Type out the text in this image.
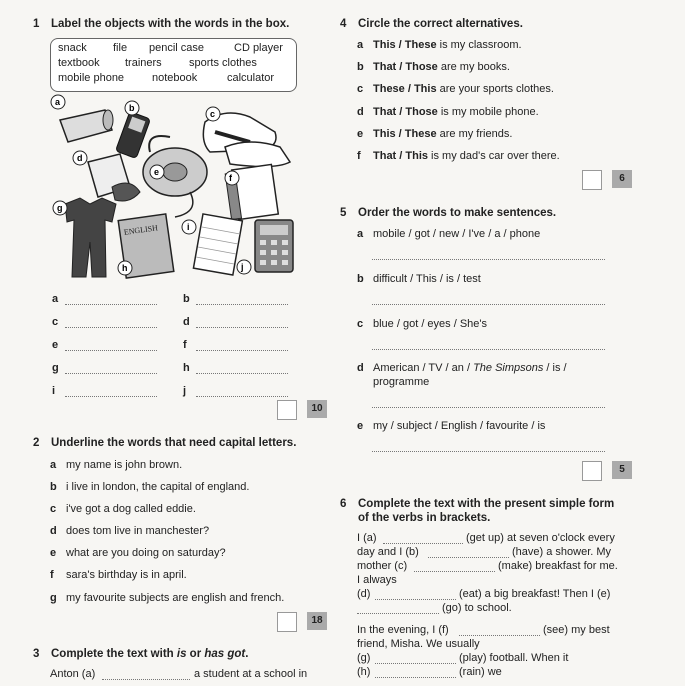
1 Label the objects with the words in the box.
snack file pencil case	CD player
textbook trainers sports clothes
mobile phone	notebook	calculator
ENGLISH
a
b
c
d
e
f
g
h
i
j
a	b
c	d
e	f
g	h
i	j
10
2 Underline the words that need capital letters.
a my name is john brown.
b i live in london, the capital of england.
c i've got a dog called eddie.
d does tom live in manchester?
e what are you doing on saturday?
f sara's birthday is in april.
g my favourite subjects are english and french.
18
3 Complete the text with is or has got.
Anton (a)	a student at a school in
4 Circle the correct alternatives.
a This / These is my classroom.
b That / Those are my books.
c These / This are your sports clothes.
d That / Those is my mobile phone.
e This / These are my friends.
f That / This is my dad's car over there.
6
5 Order the words to make sentences.
a mobile / got / new / I've / a / phone
b difficult / This / is / test
c blue / got / eyes / She's
d American / TV / an / The Simpsons / is /
programme
e my / subject / English / favourite / is
5
6 Complete the text with the present simple form
of the verbs in brackets.
I (a)	(get up) at seven o'clock every
day and I (b)	(have) a shower. My
mother (c)	(make) breakfast for me.
I always
(d)	(eat) a big breakfast! Then I (e)
(go) to school.
In the evening, I (f)	(see) my best
friend, Misha. We usually
(g)	(play) football. When it
(h)	(rain) we
